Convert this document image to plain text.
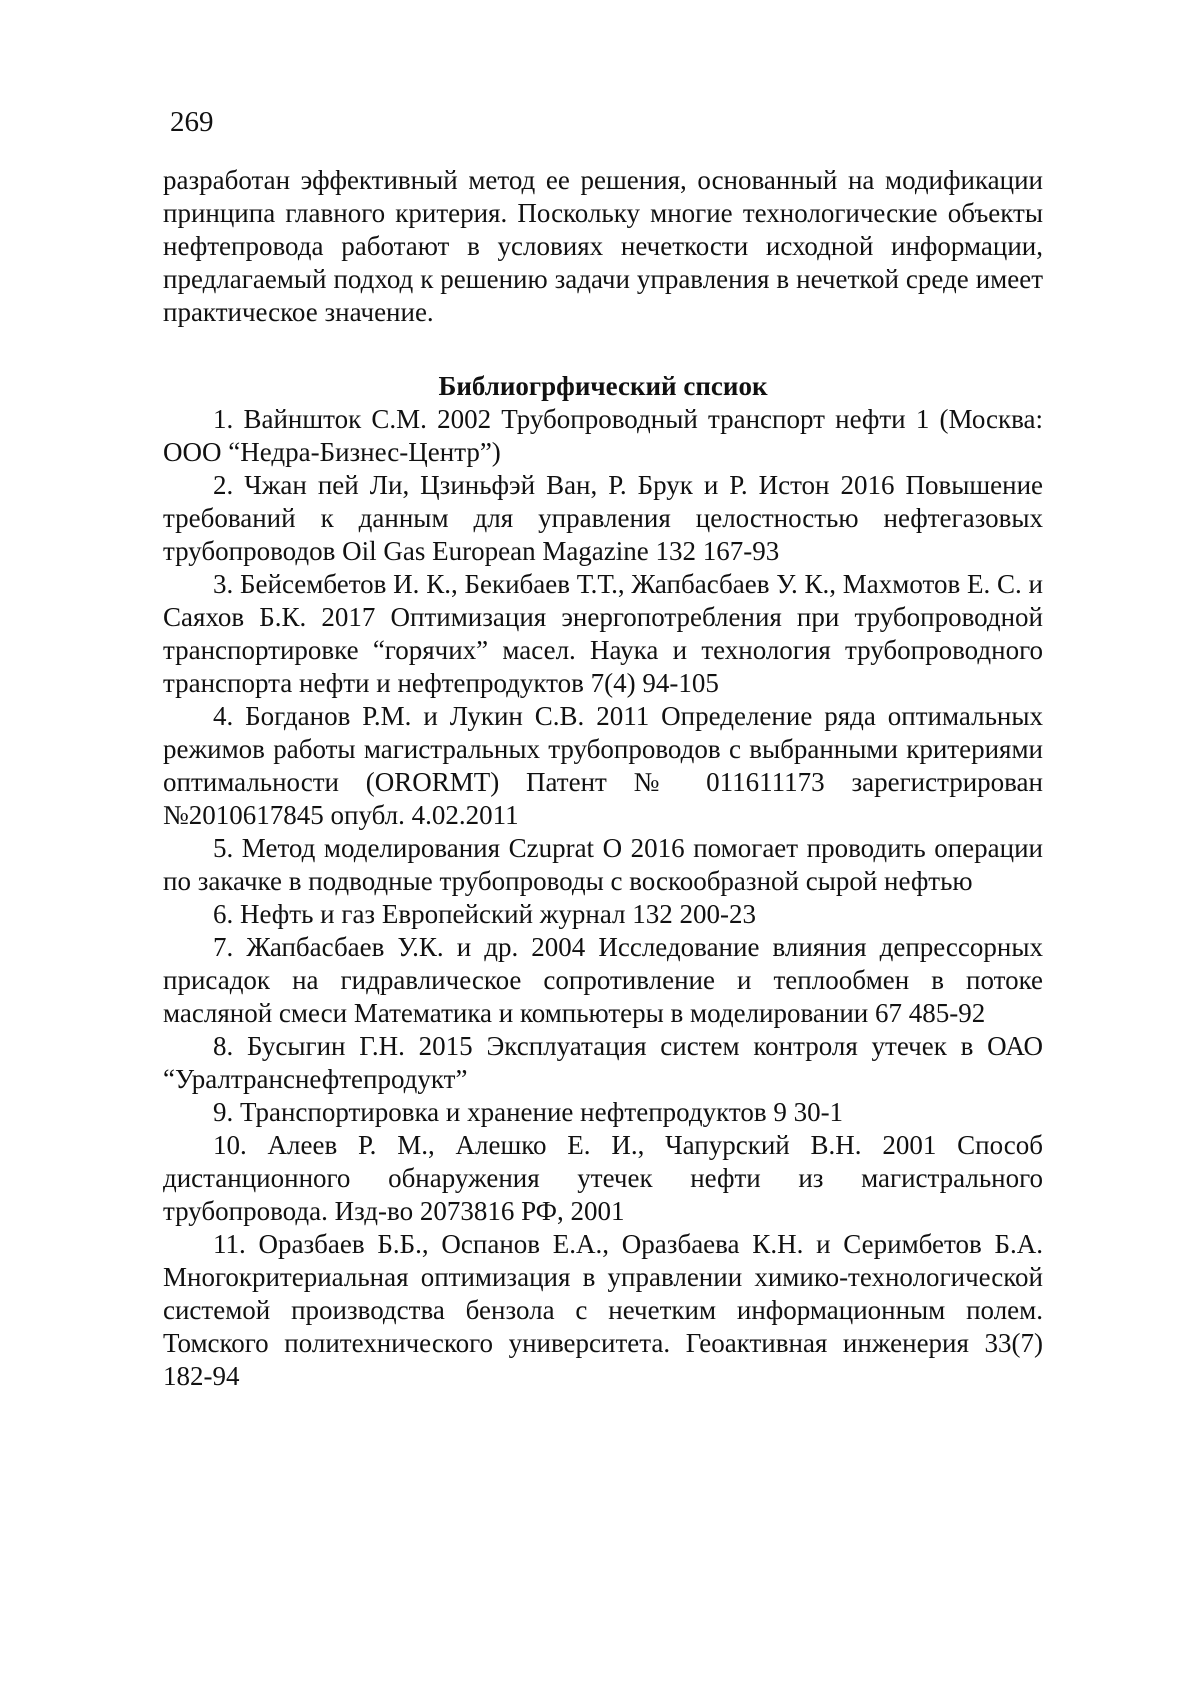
269

разработан эффективный метод ее решения, основанный на модификации принципа главного критерия. Поскольку многие технологические объекты нефтепровода работают в условиях нечеткости исходной информации, предлагаемый подход к решению задачи управления в нечеткой среде имеет практическое значение.

Библиогрфический спсиок
1. Вайншток С.М. 2002 Трубопроводный транспорт нефти 1 (Москва: ООО “Недра-Бизнес-Центр”)
2. Чжан пей Ли, Цзиньфэй Ван, Р. Брук и Р. Истон 2016 Повышение требований к данным для управления целостностью нефтегазовых трубопроводов Oil Gas European Magazine 132 167-93
3. Бейсембетов И. К., Бекибаев Т.Т., Жапбасбаев У. К., Махмотов Е. С. и Саяхов Б.К. 2017 Оптимизация энергопотребления при трубопроводной транспортировке “горячих” масел. Наука и технология трубопроводного транспорта нефти и нефтепродуктов 7(4) 94-105
4. Богданов Р.М. и Лукин С.В. 2011 Определение ряда оптимальных режимов работы магистральных трубопроводов с выбранными критериями оптимальности (ORORMT) Патент № 011611173 зарегистрирован №2010617845 опубл. 4.02.2011
5. Метод моделирования Czuprat O 2016 помогает проводить операции по закачке в подводные трубопроводы с воскообразной сырой нефтью
6. Нефть и газ Европейский журнал 132 200-23
7. Жапбасбаев У.К. и др. 2004 Исследование влияния депрессорных присадок на гидравлическое сопротивление и теплообмен в потоке масляной смеси Математика и компьютеры в моделировании 67 485-92
8. Бусыгин Г.Н. 2015 Эксплуатация систем контроля утечек в ОАО “Уралтранснефтепродукт”
9. Транспортировка и хранение нефтепродуктов 9 30-1
10. Алеев Р. М., Алешко Е. И., Чапурский В.Н. 2001 Способ дистанционного обнаружения утечек нефти из магистрального трубопровода. Изд-во 2073816 РФ, 2001
11. Оразбаев Б.Б., Оспанов Е.А., Оразбаева К.Н. и Серимбетов Б.А. Многокритериальная оптимизация в управлении химико-технологической системой производства бензола с нечетким информационным полем. Томского политехнического университета. Геоактивная инженерия 33(7) 182-94
